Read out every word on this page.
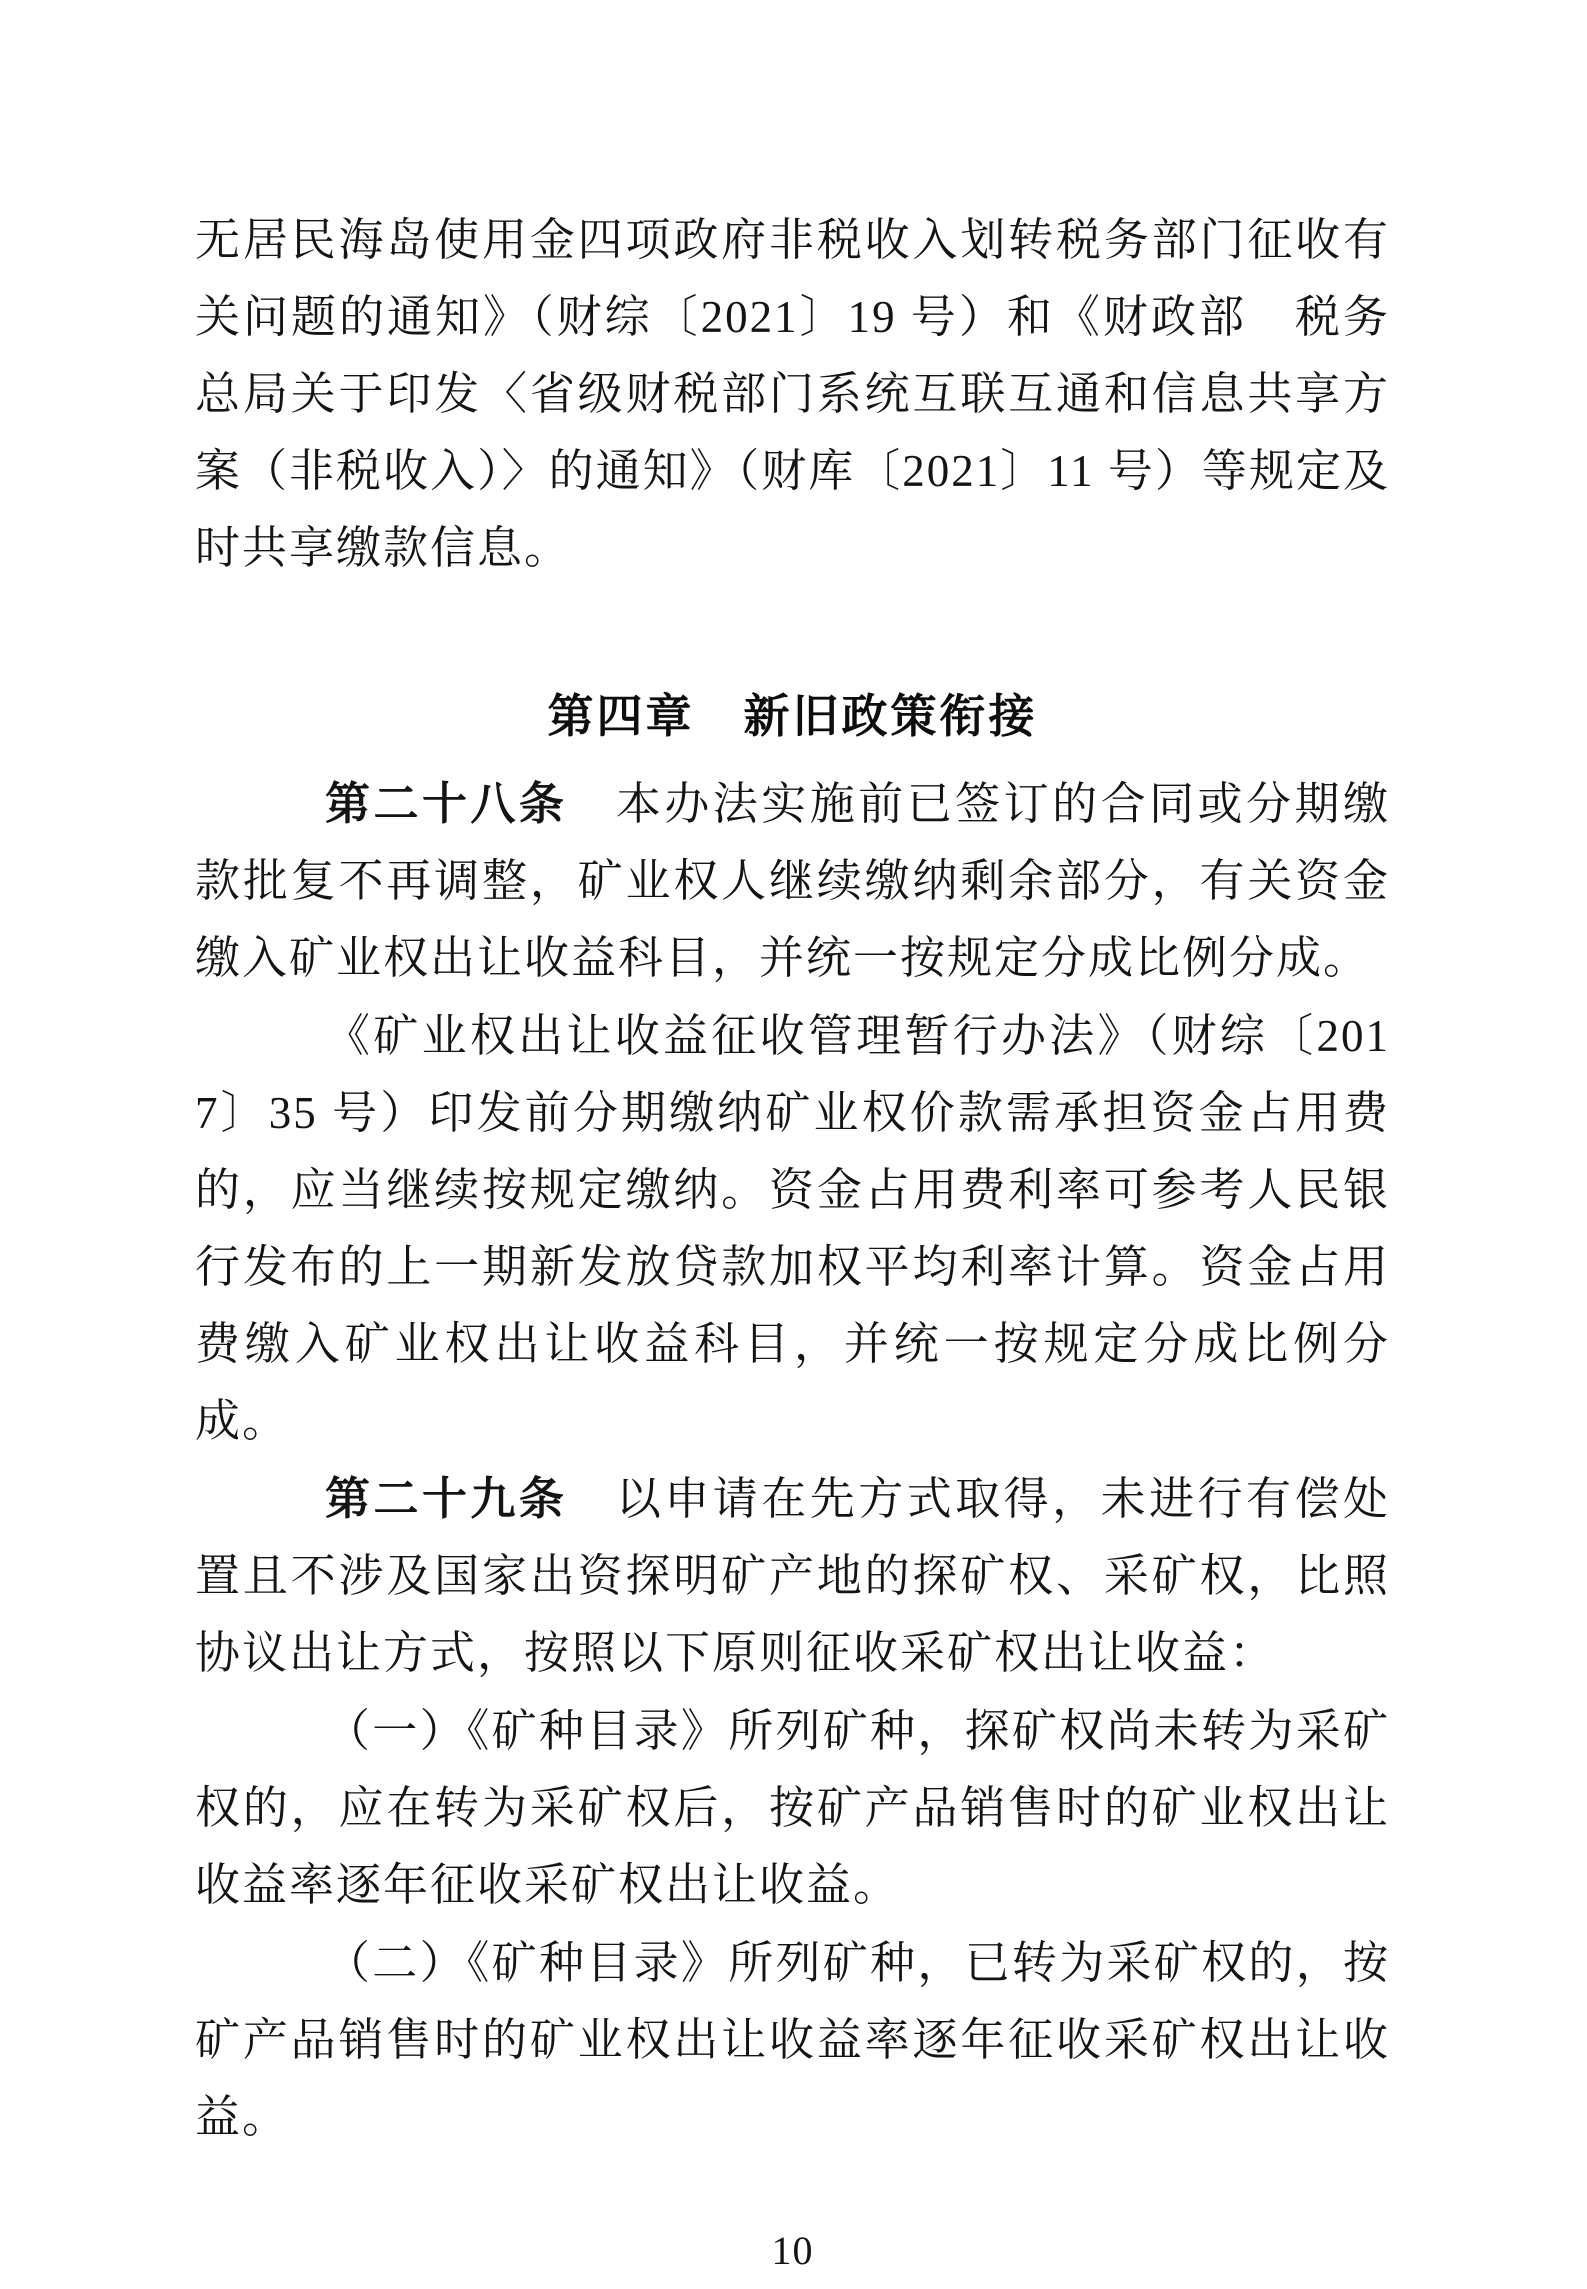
无居民海岛使用金四项政府非税收入划转税务部门征收有关问题的通知》（财综〔2021〕19 号）和《财政部　税务总局关于印发〈省级财税部门系统互联互通和信息共享方案（非税收入）〉的通知》（财库〔2021〕11 号）等规定及时共享缴款信息。

第四章　新旧政策衔接

第二十八条　本办法实施前已签订的合同或分期缴款批复不再调整，矿业权人继续缴纳剩余部分，有关资金缴入矿业权出让收益科目，并统一按规定分成比例分成。

《矿业权出让收益征收管理暂行办法》（财综〔2017〕35 号）印发前分期缴纳矿业权价款需承担资金占用费的，应当继续按规定缴纳。资金占用费利率可参考人民银行发布的上一期新发放贷款加权平均利率计算。资金占用费缴入矿业权出让收益科目，并统一按规定分成比例分成。

第二十九条　以申请在先方式取得，未进行有偿处置且不涉及国家出资探明矿产地的探矿权、采矿权，比照协议出让方式，按照以下原则征收采矿权出让收益：

（一）《矿种目录》所列矿种，探矿权尚未转为采矿权的，应在转为采矿权后，按矿产品销售时的矿业权出让收益率逐年征收采矿权出让收益。

（二）《矿种目录》所列矿种，已转为采矿权的，按矿产品销售时的矿业权出让收益率逐年征收采矿权出让收益。

10
